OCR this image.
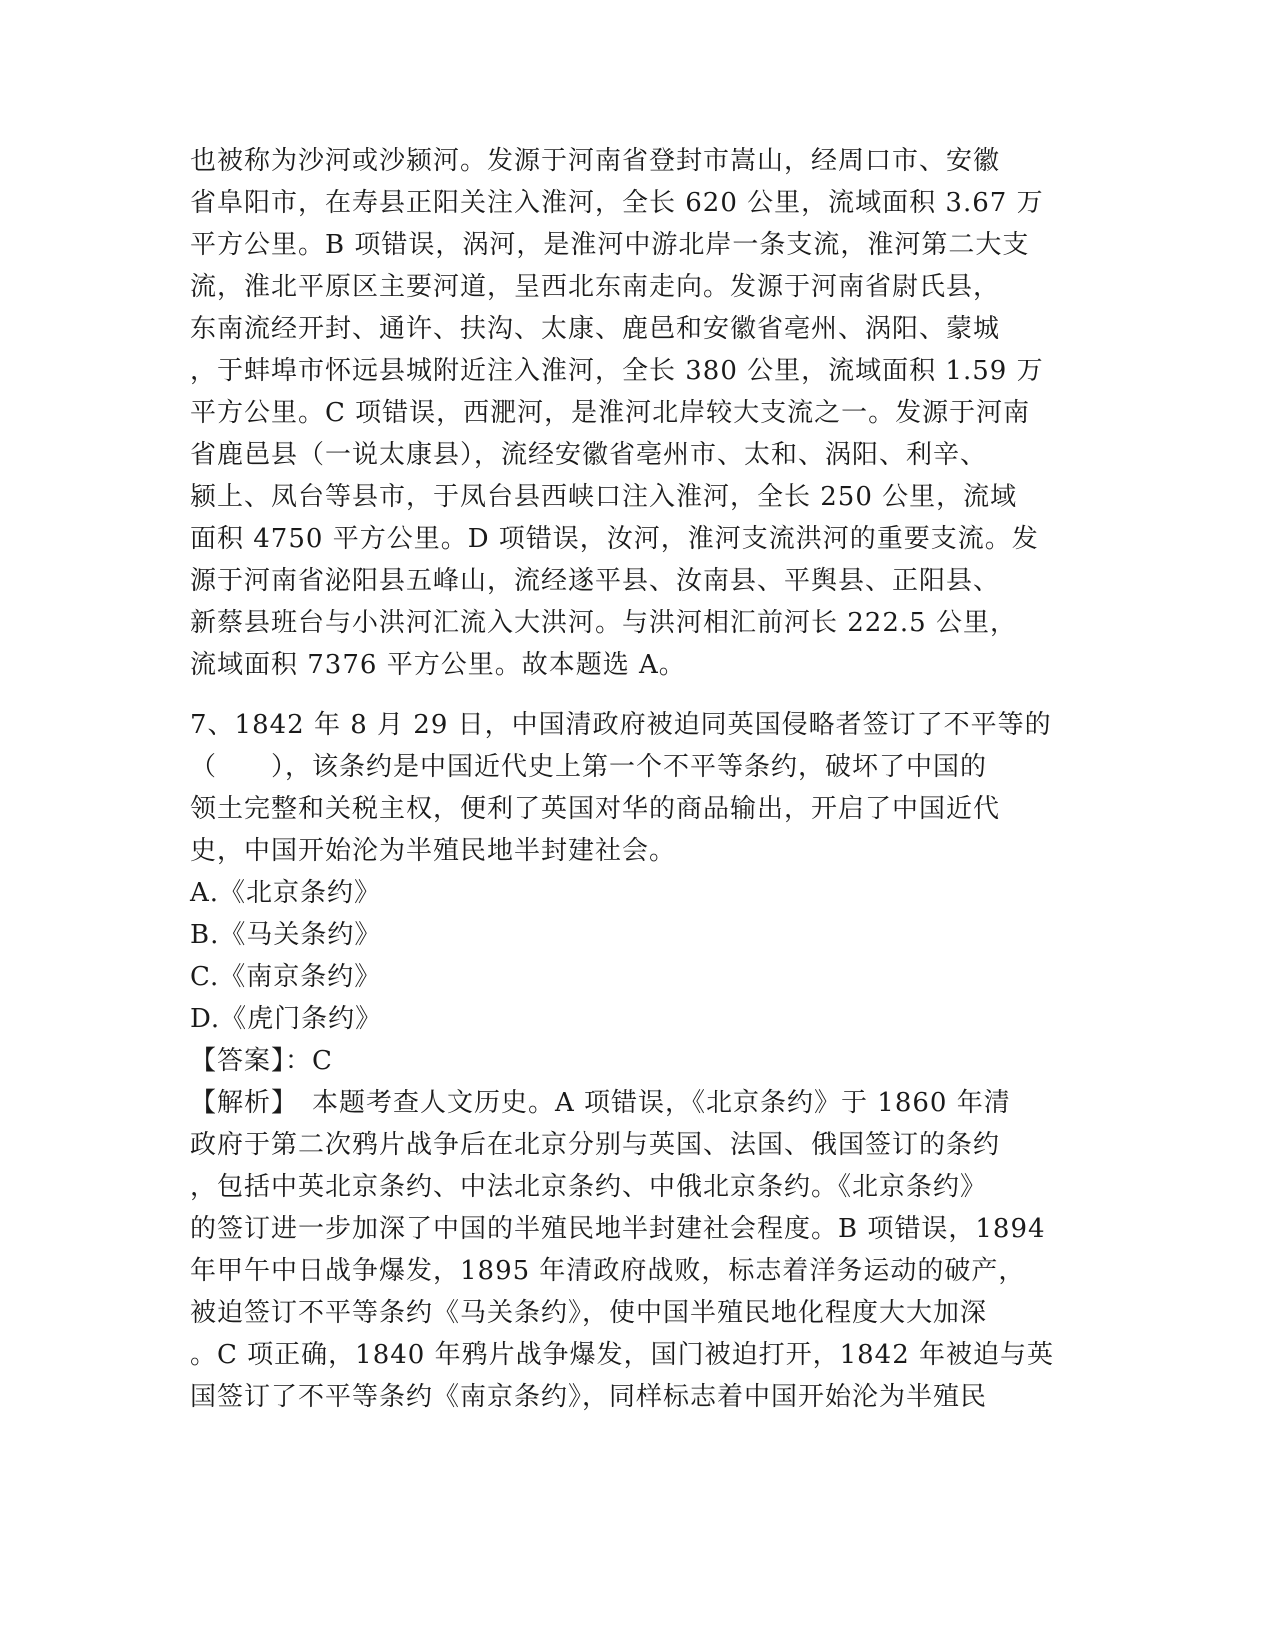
也被称为沙河或沙颍河。发源于河南省登封市嵩山，经周口市、安徽
省阜阳市，在寿县正阳关注入淮河，全长 620 公里，流域面积 3.67 万
平方公里。B 项错误，涡河，是淮河中游北岸一条支流，淮河第二大支
流，淮北平原区主要河道，呈西北东南走向。发源于河南省尉氏县，
东南流经开封、通许、扶沟、太康、鹿邑和安徽省亳州、涡阳、蒙城
，于蚌埠市怀远县城附近注入淮河，全长 380 公里，流域面积 1.59 万
平方公里。C 项错误，西淝河，是淮河北岸较大支流之一。发源于河南
省鹿邑县（一说太康县），流经安徽省亳州市、太和、涡阳、利辛、
颍上、凤台等县市，于凤台县西峡口注入淮河，全长 250 公里，流域
面积 4750 平方公里。D 项错误，汝河，淮河支流洪河的重要支流。发
源于河南省泌阳县五峰山，流经遂平县、汝南县、平舆县、正阳县、
新蔡县班台与小洪河汇流入大洪河。与洪河相汇前河长 222.5 公里，
流域面积 7376 平方公里。故本题选 A。
7、1842 年 8 月 29 日，中国清政府被迫同英国侵略者签订了不平等的
（　　），该条约是中国近代史上第一个不平等条约，破坏了中国的
领土完整和关税主权，便利了英国对华的商品输出，开启了中国近代
史，中国开始沦为半殖民地半封建社会。
A.《北京条约》
B.《马关条约》
C.《南京条约》
D.《虎门条约》
【答案】：C
【解析】　本题考查人文历史。A 项错误，《北京条约》于 1860 年清
政府于第二次鸦片战争后在北京分别与英国、法国、俄国签订的条约
，包括中英北京条约、中法北京条约、中俄北京条约。《北京条约》
的签订进一步加深了中国的半殖民地半封建社会程度。B 项错误，1894
年甲午中日战争爆发，1895 年清政府战败，标志着洋务运动的破产，
被迫签订不平等条约《马关条约》，使中国半殖民地化程度大大加深
。C 项正确，1840 年鸦片战争爆发，国门被迫打开，1842 年被迫与英
国签订了不平等条约《南京条约》，同样标志着中国开始沦为半殖民
